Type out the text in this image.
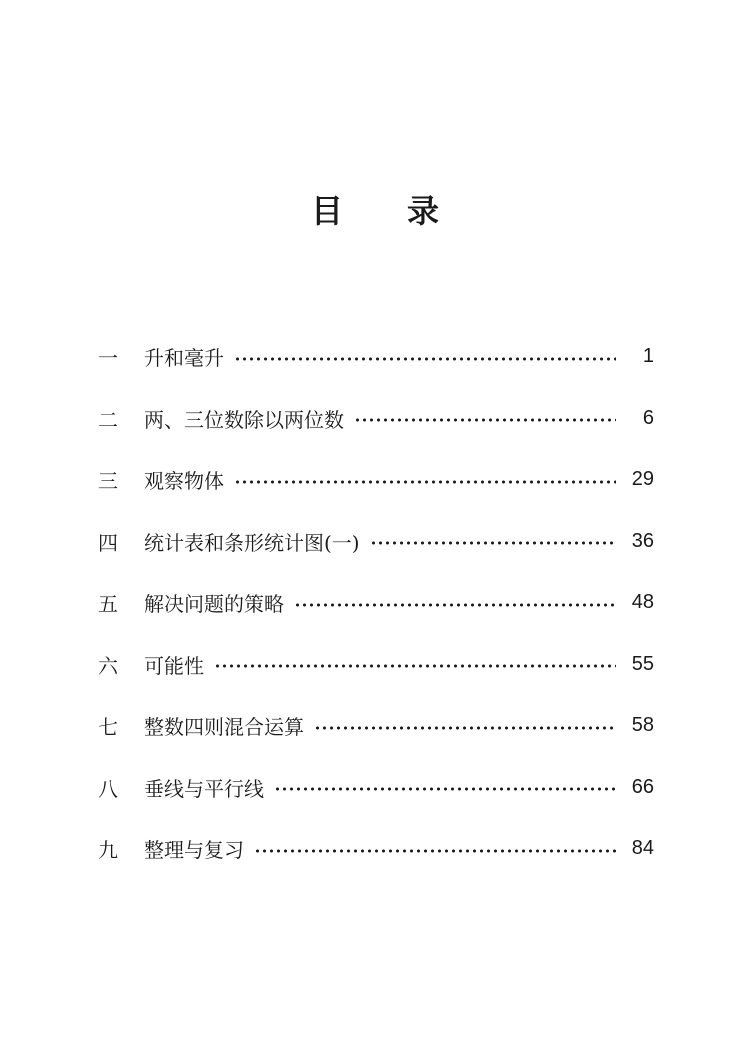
目 录
一	升和毫升	1
二	两、三位数除以两位数	6
三	观察物体	29
四	统计表和条形统计图(一)	36
五	解决问题的策略	48
六	可能性	55
七	整数四则混合运算	58
八	垂线与平行线	66
九	整理与复习	84
